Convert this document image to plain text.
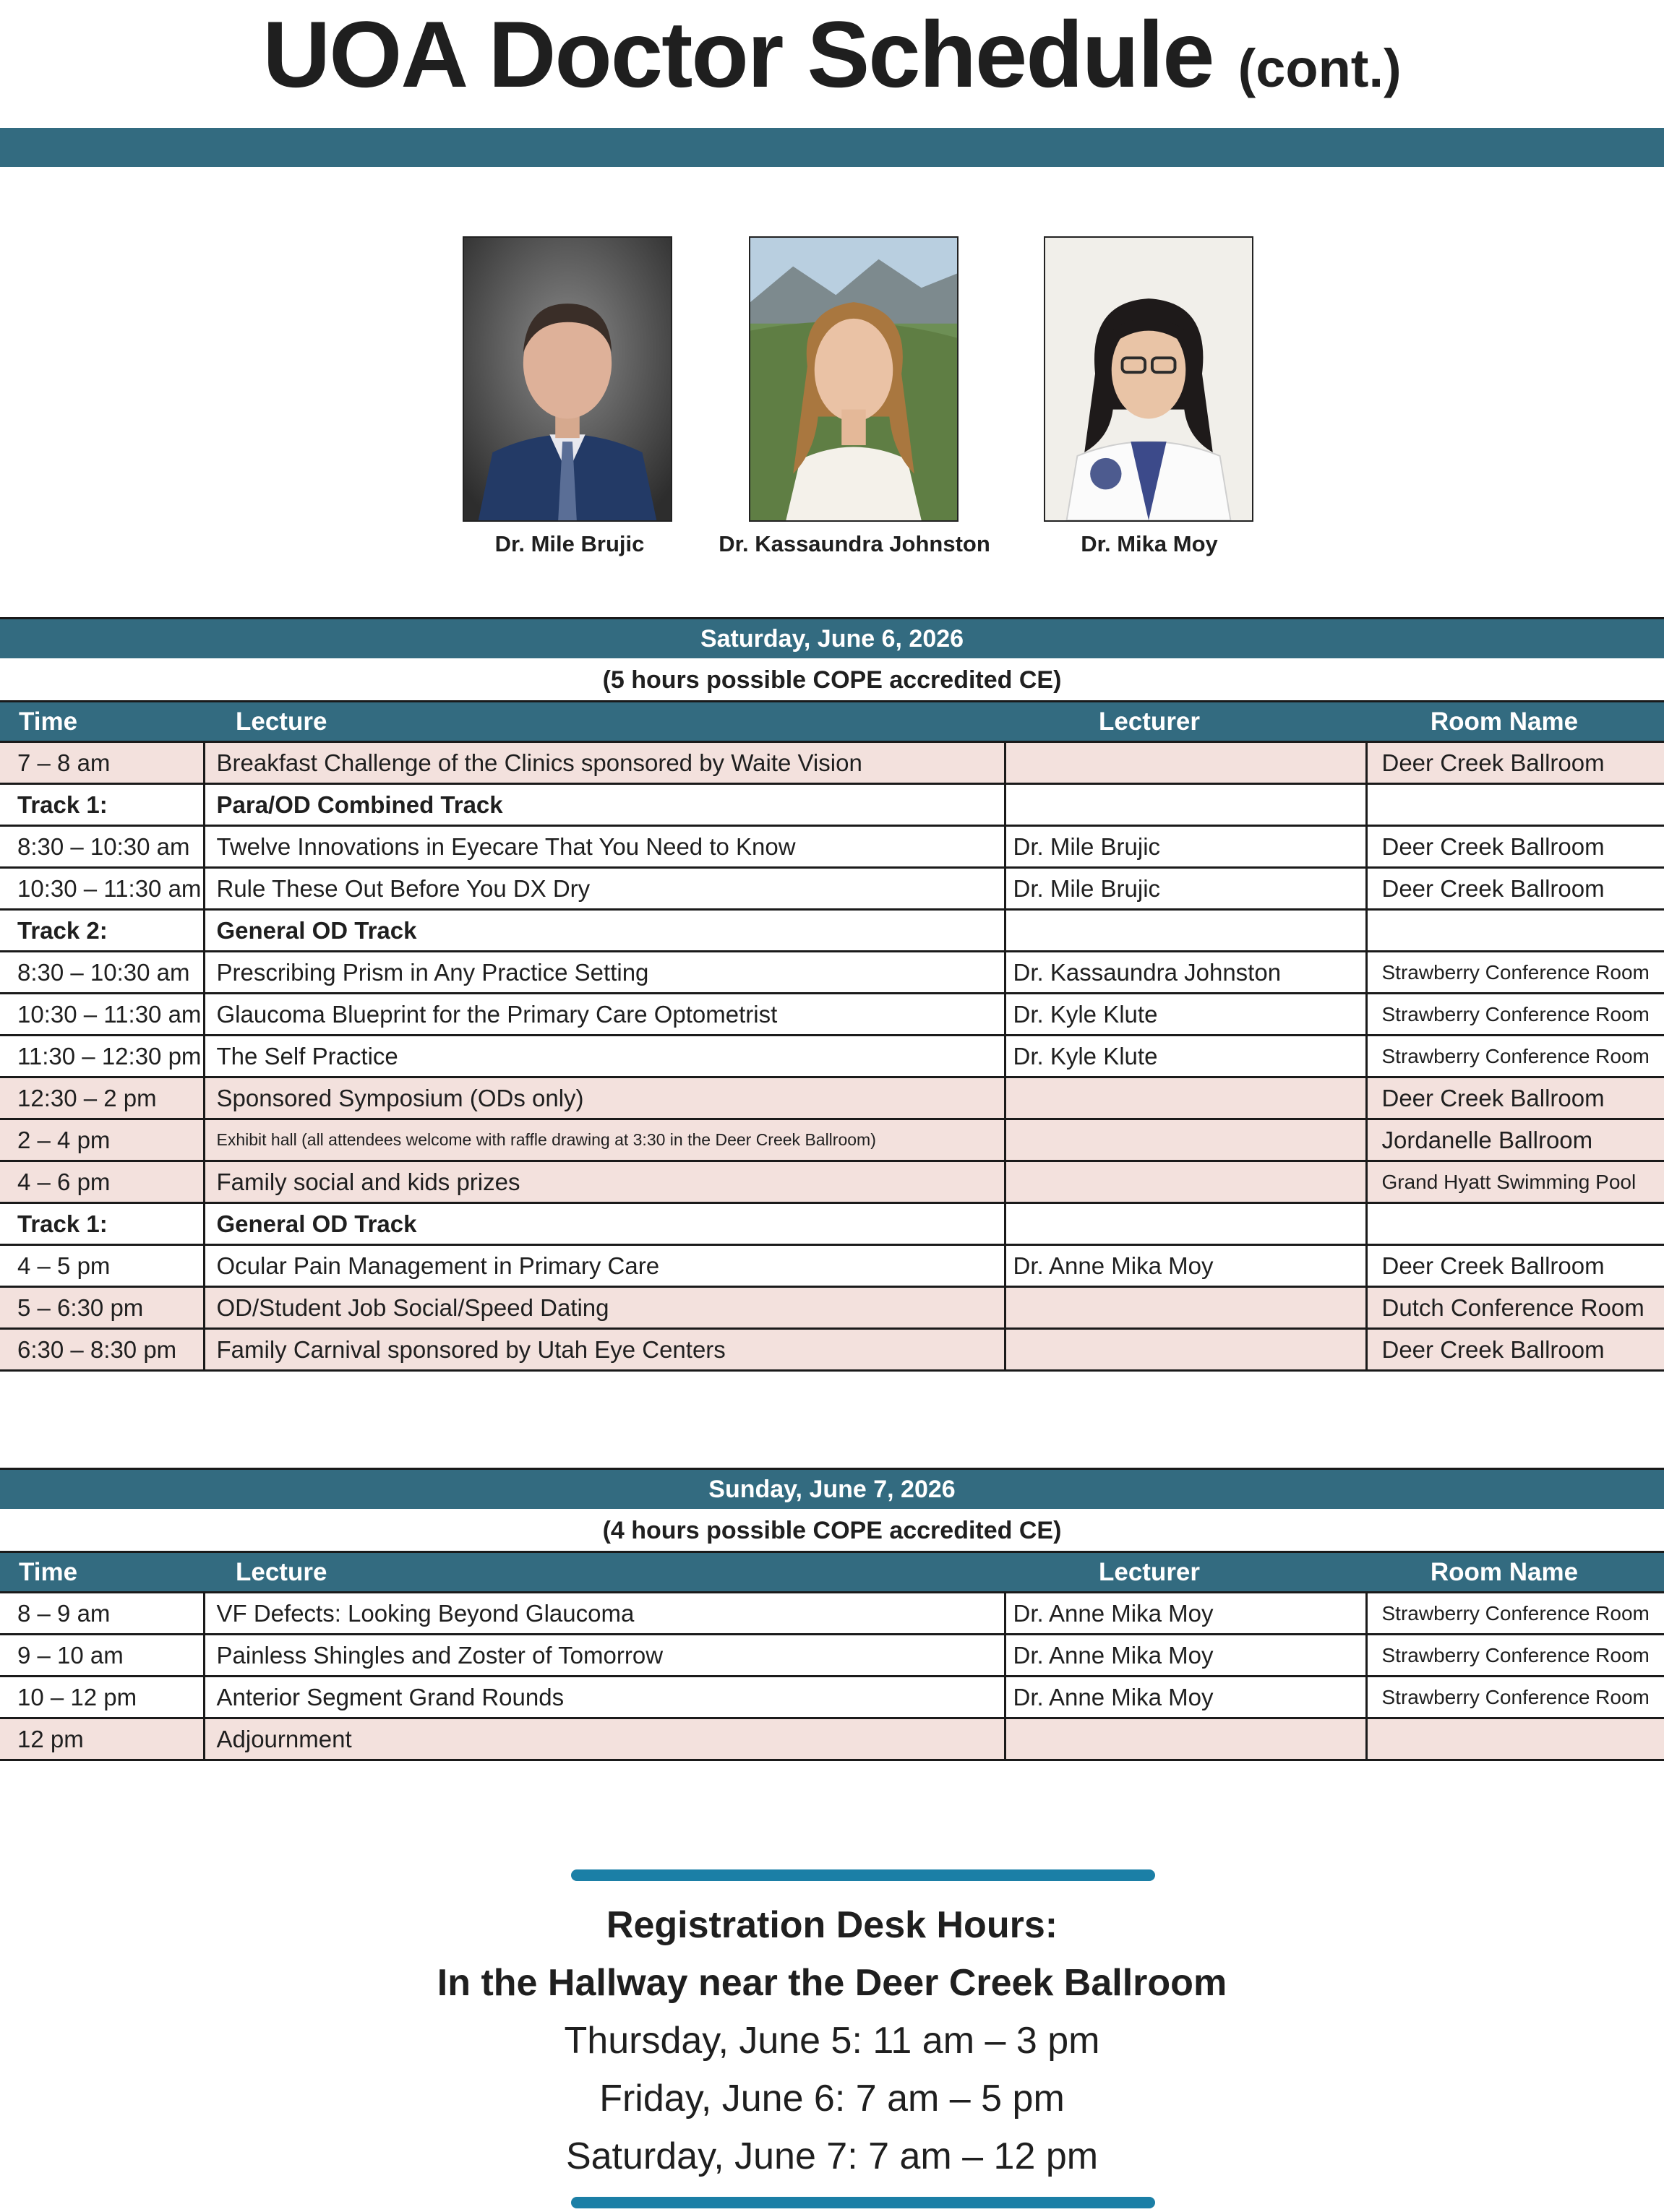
UOA Doctor Schedule (cont.)
Dr. Mile Brujic	Dr. Kassaundra Johnston	Dr. Mika Moy
Saturday, June 6, 2026
(5 hours possible COPE accredited CE)
Time	Lecture	Lecturer	Room Name
7 – 8 am	Breakfast Challenge of the Clinics sponsored by Waite Vision		Deer Creek Ballroom
Track 1:	Para/OD Combined Track		
8:30 – 10:30 am	Twelve Innovations in Eyecare That You Need to Know	Dr. Mile Brujic	Deer Creek Ballroom
10:30 – 11:30 am	Rule These Out Before You DX Dry	Dr. Mile Brujic	Deer Creek Ballroom
Track 2:	General OD Track		
8:30 – 10:30 am	Prescribing Prism in Any Practice Setting	Dr. Kassaundra Johnston	Strawberry Conference Room
10:30 – 11:30 am	Glaucoma Blueprint for the Primary Care Optometrist	Dr. Kyle Klute	Strawberry Conference Room
11:30 – 12:30 pm	The Self Practice	Dr. Kyle Klute	Strawberry Conference Room
12:30 – 2 pm	Sponsored Symposium (ODs only)		Deer Creek Ballroom
2 – 4 pm	Exhibit hall (all attendees welcome with raffle drawing at 3:30 in the Deer Creek Ballroom)		Jordanelle Ballroom
4 – 6 pm	Family social and kids prizes		Grand Hyatt Swimming Pool
Track 1:	General OD Track		
4 – 5 pm	Ocular Pain Management in Primary Care	Dr. Anne Mika Moy	Deer Creek Ballroom
5 – 6:30 pm	OD/Student Job Social/Speed Dating		Dutch Conference Room
6:30 – 8:30 pm	Family Carnival sponsored by Utah Eye Centers		Deer Creek Ballroom
Sunday, June 7, 2026
(4 hours possible COPE accredited CE)
Time	Lecture	Lecturer	Room Name
8 – 9 am	VF Defects: Looking Beyond Glaucoma	Dr. Anne Mika Moy	Strawberry Conference Room
9 – 10 am	Painless Shingles and Zoster of Tomorrow	Dr. Anne Mika Moy	Strawberry Conference Room
10 – 12 pm	Anterior Segment Grand Rounds	Dr. Anne Mika Moy	Strawberry Conference Room
12 pm	Adjournment		
Registration Desk Hours:
In the Hallway near the Deer Creek Ballroom
Thursday, June 5: 11 am – 3 pm
Friday, June 6: 7 am – 5 pm
Saturday, June 7: 7 am – 12 pm
